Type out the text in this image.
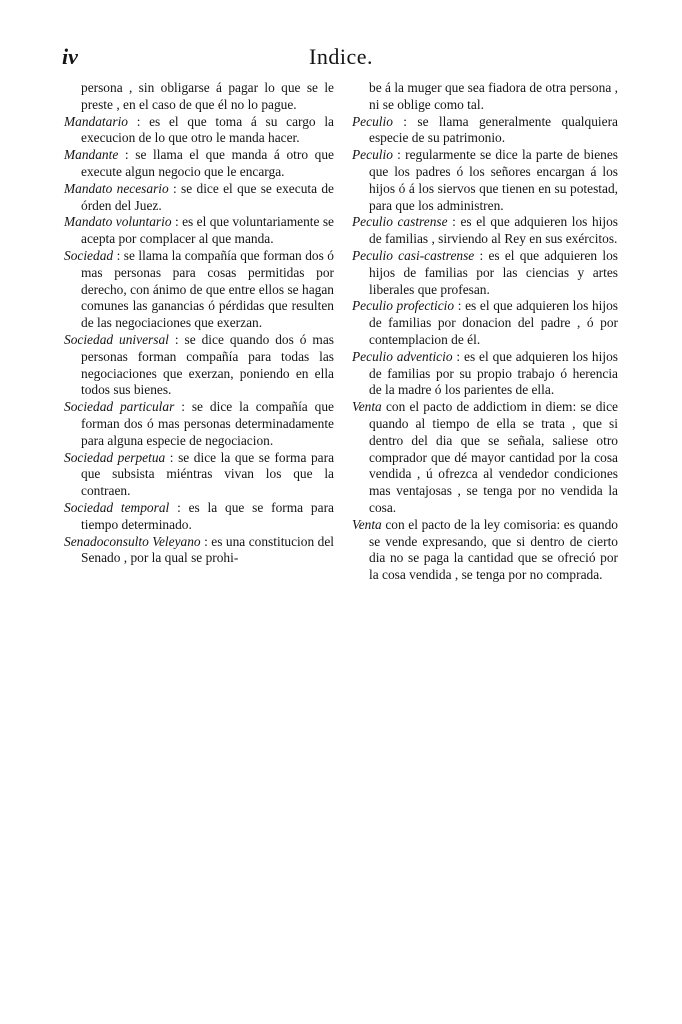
iv	Indice.

persona , sin obligarse á pagar lo que se le preste , en el caso de que él no lo pague.

Mandatario : es el que toma á su cargo la execucion de lo que otro le manda hacer.

Mandante : se llama el que manda á otro que execute algun negocio que le encarga.

Mandato necesario : se dice el que se executa de órden del Juez.

Mandato voluntario : es el que voluntariamente se acepta por complacer al que manda.

Sociedad : se llama la compañía que forman dos ó mas personas para cosas permitidas por derecho, con ánimo de que entre ellos se hagan comunes las ganancias ó pérdidas que resulten de las negociaciones que exerzan.

Sociedad universal : se dice quando dos ó mas personas forman compañía para todas las negociaciones que exerzan, poniendo en ella todos sus bienes.

Sociedad particular : se dice la compañía que forman dos ó mas personas determinadamente para alguna especie de negociacion.

Sociedad perpetua : se dice la que se forma para que subsista miéntras vivan los que la contraen.

Sociedad temporal : es la que se forma para tiempo determinado.

Senadoconsulto Veleyano : es una constitucion del Senado , por la qual se prohi-

be á la muger que sea fiadora de otra persona , ni se oblige como tal.

Peculio : se llama generalmente qualquiera especie de su patrimonio.

Peculio : regularmente se dice la parte de bienes que los padres ó los señores encargan á los hijos ó á los siervos que tienen en su potestad, para que los administren.

Peculio castrense : es el que adquieren los hijos de familias , sirviendo al Rey en sus exércitos.

Peculio casi-castrense : es el que adquieren los hijos de familias por las ciencias y artes liberales que profesan.

Peculio profecticio : es el que adquieren los hijos de familias por donacion del padre , ó por contemplacion de él.

Peculio adventicio : es el que adquieren los hijos de familias por su propio trabajo ó herencia de la madre ó los parientes de ella.

Venta con el pacto de addictiom in diem: se dice quando al tiempo de ella se trata , que si dentro del dia que se señala, saliese otro comprador que dé mayor cantidad por la cosa vendida , ú ofrezca al vendedor condiciones mas ventajosas , se tenga por no vendida la cosa.

Venta con el pacto de la ley comisoria: es quando se vende expresando, que si dentro de cierto dia no se paga la cantidad que se ofreció por la cosa vendida , se tenga por no comprada.
